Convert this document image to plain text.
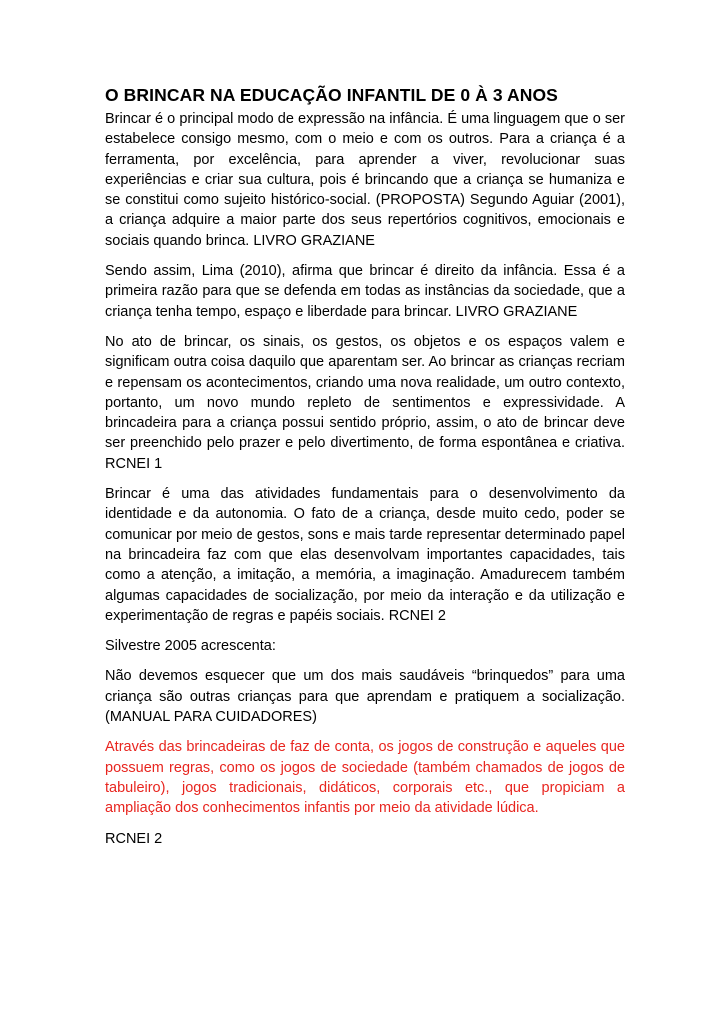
O BRINCAR NA EDUCAÇÃO INFANTIL DE 0 À 3 ANOS

Brincar é o principal modo de expressão na infância. É uma linguagem que o ser estabelece consigo mesmo, com o meio e com os outros. Para a criança é a ferramenta, por excelência, para aprender a viver, revolucionar suas experiências e criar sua cultura, pois é brincando que a criança se humaniza e se constitui como sujeito histórico-social. (PROPOSTA) Segundo Aguiar (2001), a criança adquire a maior parte dos seus repertórios cognitivos, emocionais e sociais quando brinca. LIVRO GRAZIANE

Sendo assim, Lima (2010), afirma que brincar é direito da infância. Essa é a primeira razão para que se defenda em todas as instâncias da sociedade, que a criança tenha tempo, espaço e liberdade para brincar. LIVRO GRAZIANE

No ato de brincar, os sinais, os gestos, os objetos e os espaços valem e significam outra coisa daquilo que aparentam ser. Ao brincar as crianças recriam e repensam os acontecimentos, criando uma nova realidade, um outro contexto, portanto, um novo mundo repleto de sentimentos e expressividade. A brincadeira para a criança possui sentido próprio, assim, o ato de brincar deve ser preenchido pelo prazer e pelo divertimento, de forma espontânea e criativa. RCNEI 1

Brincar é uma das atividades fundamentais para o desenvolvimento da identidade e da autonomia. O fato de a criança, desde muito cedo, poder se comunicar por meio de gestos, sons e mais tarde representar determinado papel na brincadeira faz com que elas desenvolvam importantes capacidades, tais como a atenção, a imitação, a memória, a imaginação. Amadurecem também algumas capacidades de socialização, por meio da interação e da utilização e experimentação de regras e papéis sociais. RCNEI 2

Silvestre 2005 acrescenta:

Não devemos esquecer que um dos mais saudáveis “brinquedos” para uma criança são outras crianças para que aprendam e pratiquem a socialização. (MANUAL PARA CUIDADORES)

Através das brincadeiras de faz de conta, os jogos de construção e aqueles que possuem regras, como os jogos de sociedade (também chamados de jogos de tabuleiro), jogos tradicionais, didáticos, corporais etc., que propiciam a ampliação dos conhecimentos infantis por meio da atividade lúdica.

RCNEI 2
